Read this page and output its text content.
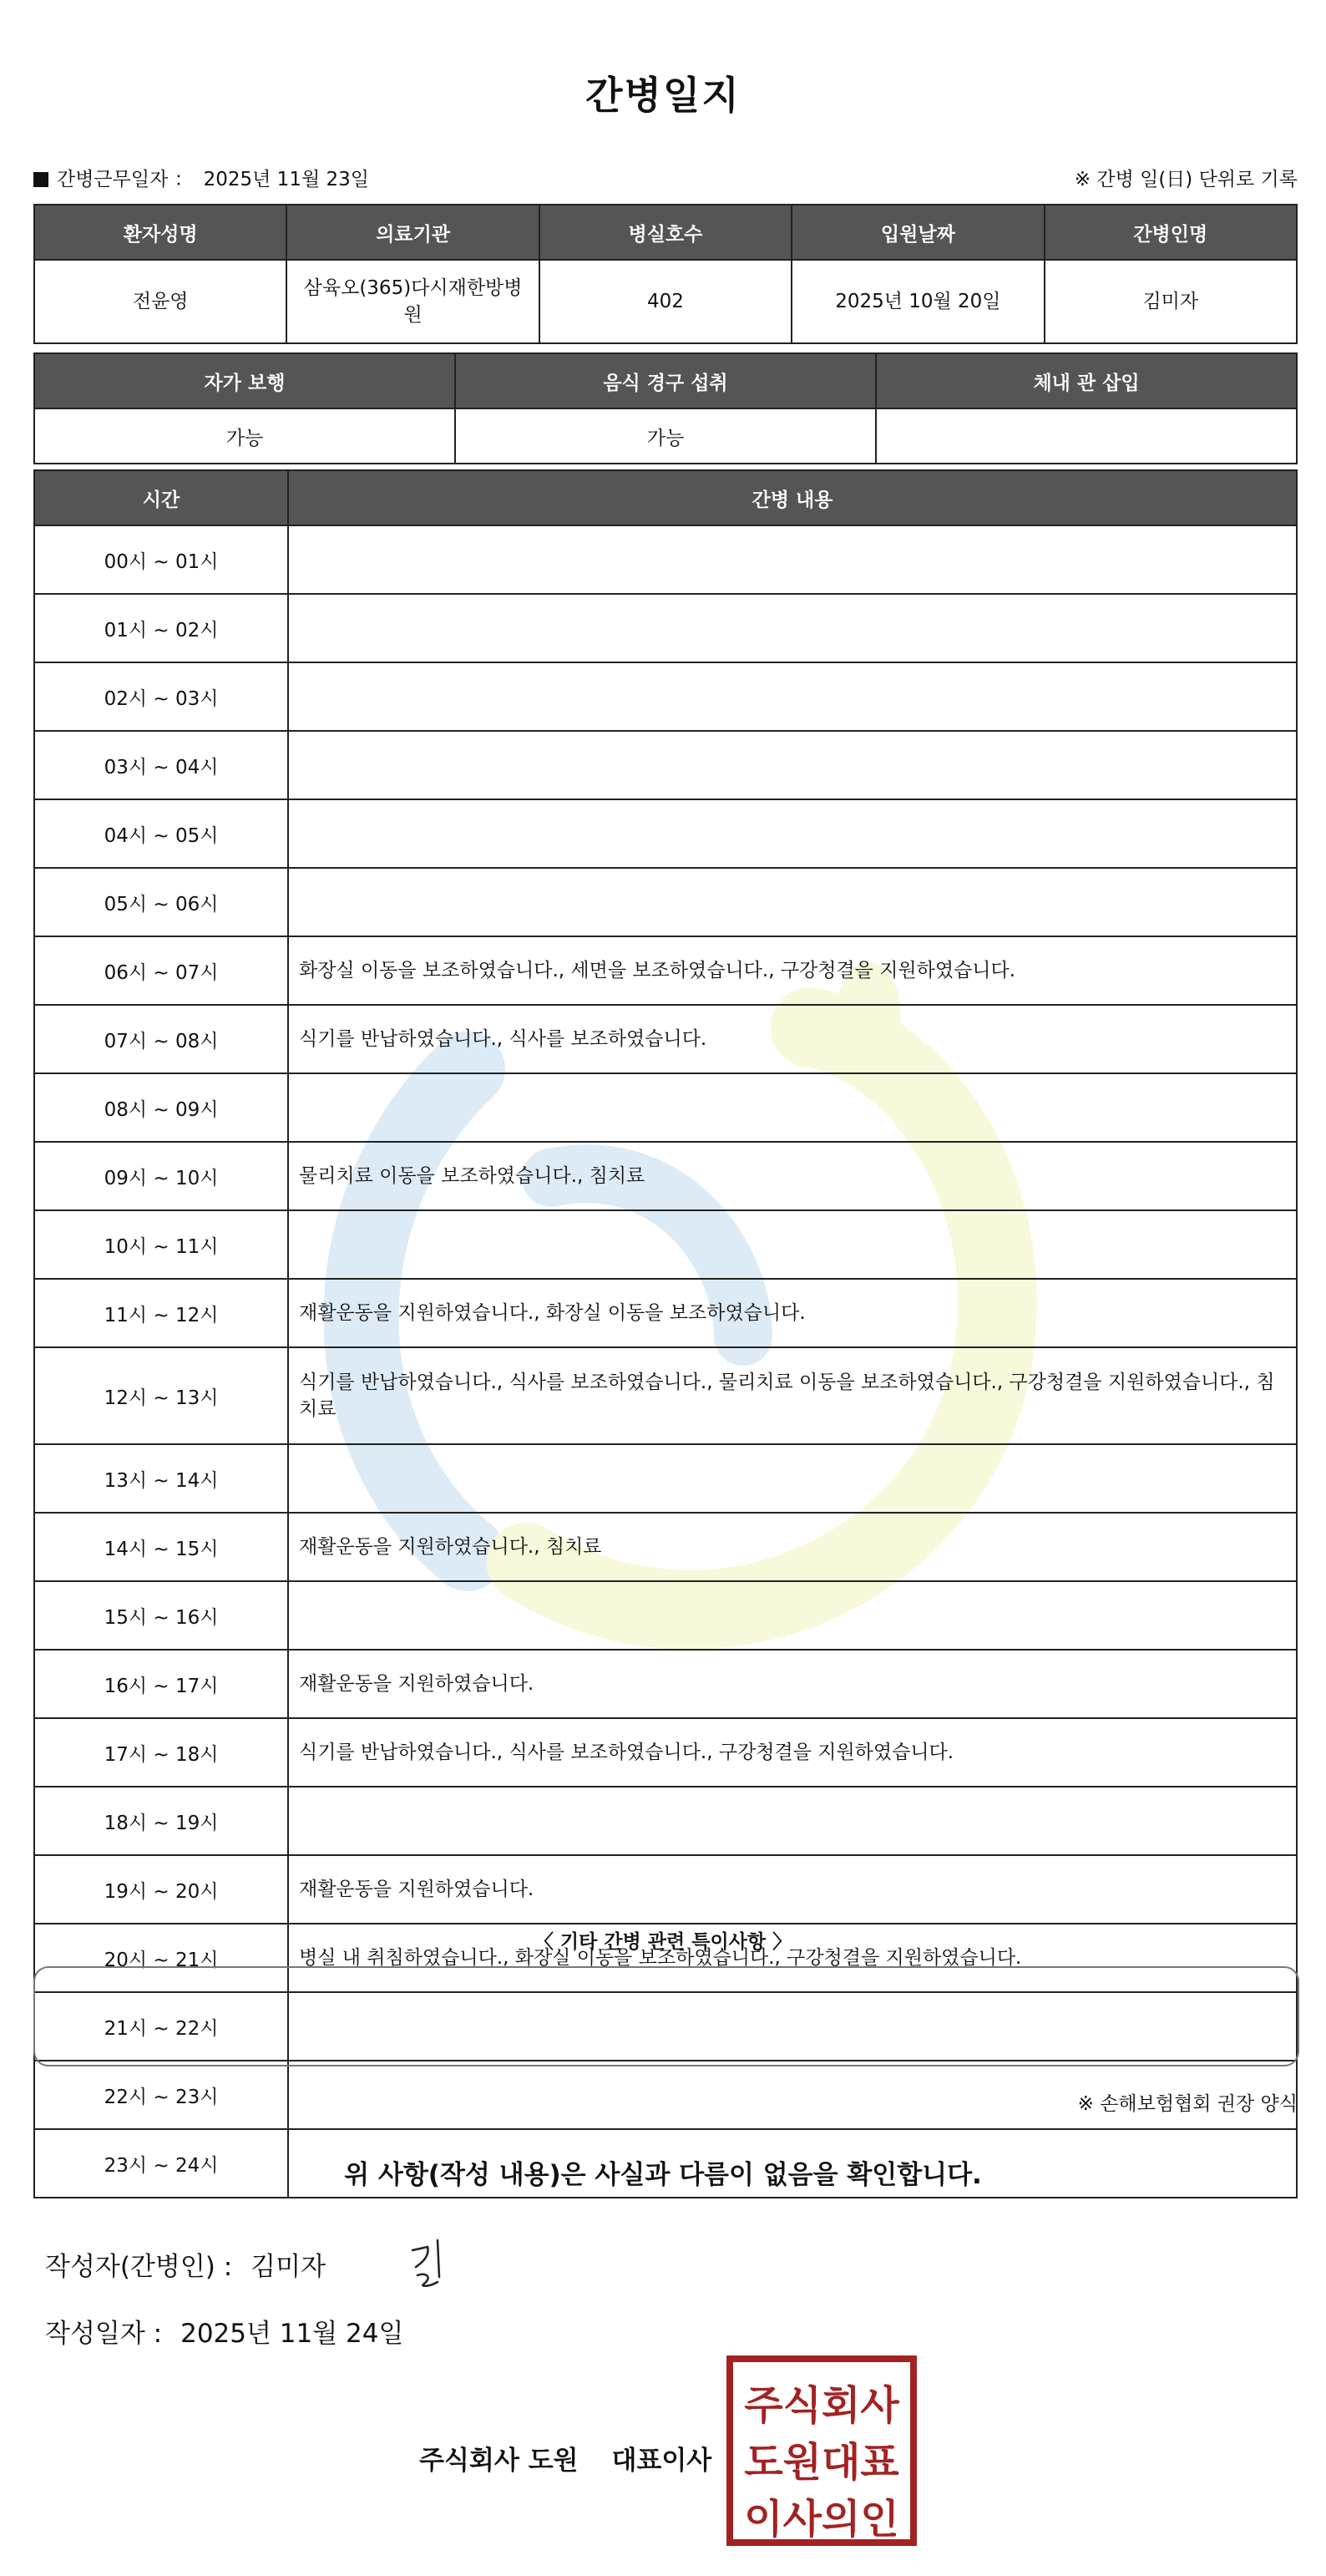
간병일지
간병근무일자 ： 2025년 11월 23일	※ 간병 일(日) 단위로 기록
환자성명	의료기관	병실호수	입원날짜	간병인명
전윤영	삼육오(365)다시재한방병원	402	2025년 10월 20일	김미자
자가 보행	음식 경구 섭취	체내 관 삽입
가능	가능	
시간	간병 내용
00시 ~ 01시	
01시 ~ 02시	
02시 ~ 03시	
03시 ~ 04시	
04시 ~ 05시	
05시 ~ 06시	
06시 ~ 07시	화장실 이동을 보조하였습니다., 세면을 보조하였습니다., 구강청결을 지원하였습니다.
07시 ~ 08시	식기를 반납하였습니다., 식사를 보조하였습니다.
08시 ~ 09시	
09시 ~ 10시	물리치료 이동을 보조하였습니다., 침치료
10시 ~ 11시	
11시 ~ 12시	재활운동을 지원하였습니다., 화장실 이동을 보조하였습니다.
12시 ~ 13시	식기를 반납하였습니다., 식사를 보조하였습니다., 물리치료 이동을 보조하였습니다., 구강청결을 지원하였습니다., 침치료
13시 ~ 14시	
14시 ~ 15시	재활운동을 지원하였습니다., 침치료
15시 ~ 16시	
16시 ~ 17시	재활운동을 지원하였습니다.
17시 ~ 18시	식기를 반납하였습니다., 식사를 보조하였습니다., 구강청결을 지원하였습니다.
18시 ~ 19시	
19시 ~ 20시	재활운동을 지원하였습니다.
20시 ~ 21시	병실 내 취침하였습니다., 화장실 이동을 보조하였습니다., 구강청결을 지원하였습니다.
21시 ~ 22시	
22시 ~ 23시	
23시 ~ 24시	
〈 기타 간병 관련 특이사항 〉
※ 손해보험협회 권장 양식
위 사항(작성 내용)은 사실과 다름이 없음을 확인합니다.
작성자(간병인) : 김미자
작성일자 : 2025년 11월 24일
주식회사 도원 대표이사
주식회사
도원대표
이사의인
